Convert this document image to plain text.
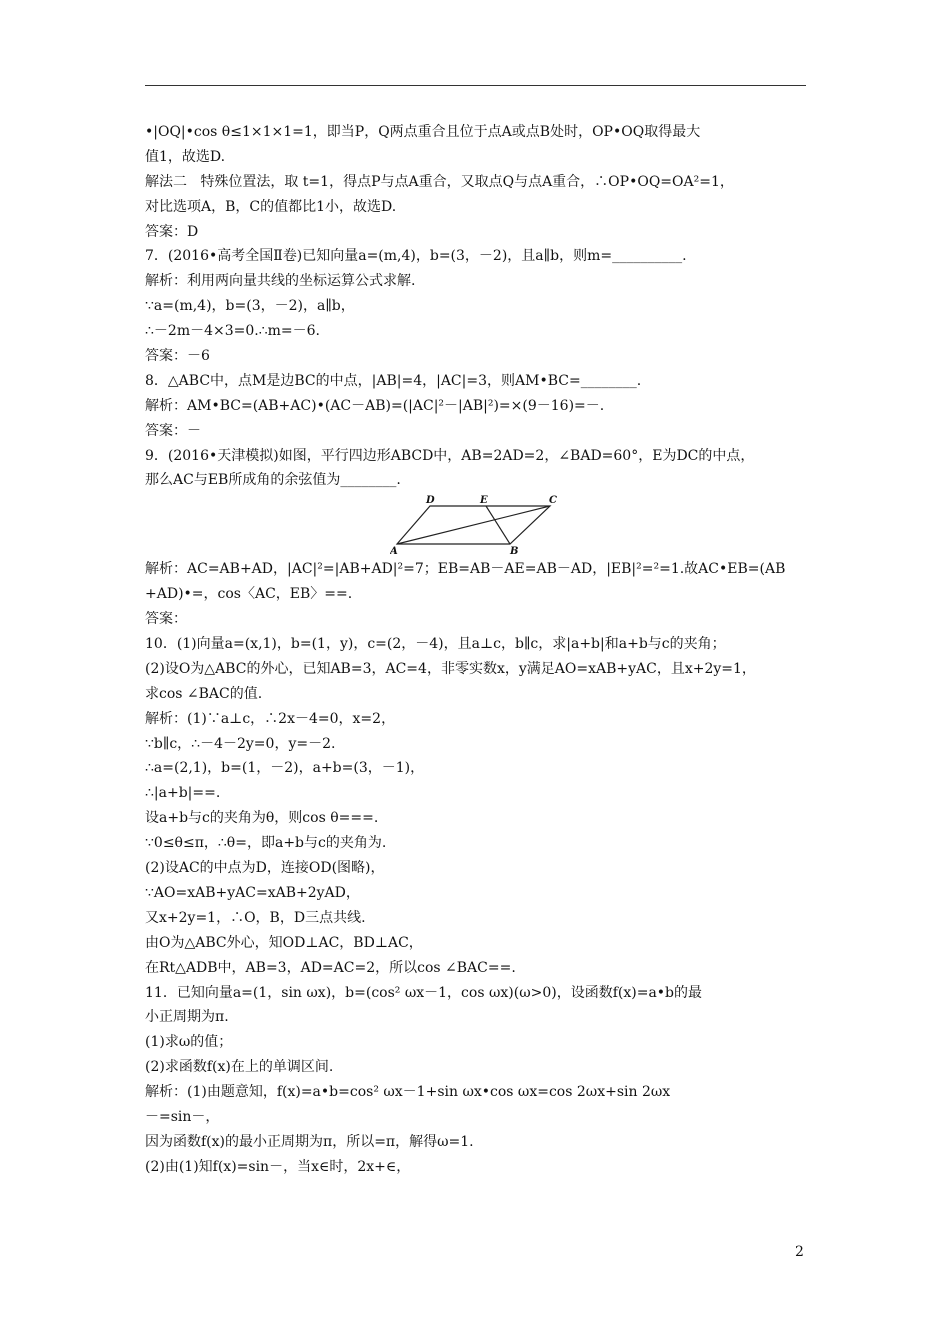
•|OQ|•cos θ≤1×1×1=1，即当P，Q两点重合且位于点A或点B处时，OP•OQ取得最大
值1，故选D.
解法二   特殊位置法，取 t=1，得点P与点A重合，又取点Q与点A重合，∴OP•OQ=OA²=1，
对比选项A，B，C的值都比1小，故选D.
答案：D
7．(2016•高考全国Ⅱ卷)已知向量a=(m,4)，b=(3，－2)，且a∥b，则m=__________.
解析：利用两向量共线的坐标运算公式求解.
∵a=(m,4)，b=(3，－2)，a∥b，
∴－2m－4×3=0.∴m=－6.
答案：－6
8．△ABC中，点M是边BC的中点，|AB|=4，|AC|=3，则AM•BC=________.
解析：AM•BC=(AB+AC)•(AC－AB)=(|AC|²－|AB|²)=×(9－16)=－.
答案：－
9．(2016•天津模拟)如图，平行四边形ABCD中，AB=2AD=2，∠BAD=60°，E为DC的中点，
那么AC与EB所成角的余弦值为________.
D	E	C
A	B
解析：AC=AB+AD，|AC|²=|AB+AD|²=7；EB=AB－AE=AB－AD，|EB|²=²=1.故AC•EB=(AB
+AD)•=，cos〈AC，EB〉==.
答案：
10．(1)向量a=(x,1)，b=(1，y)，c=(2，－4)，且a⊥c，b∥c，求|a+b|和a+b与c的夹角；
(2)设O为△ABC的外心，已知AB=3，AC=4，非零实数x，y满足AO=xAB+yAC，且x+2y=1，
求cos ∠BAC的值.
解析：(1)∵a⊥c，∴2x－4=0，x=2，
∵b∥c，∴－4－2y=0，y=－2.
∴a=(2,1)，b=(1，－2)，a+b=(3，－1)，
∴|a+b|==.
设a+b与c的夹角为θ，则cos θ===.
∵0≤θ≤π，∴θ=，即a+b与c的夹角为.
(2)设AC的中点为D，连接OD(图略)，
∵AO=xAB+yAC=xAB+2yAD，
又x+2y=1，∴O，B，D三点共线.
由O为△ABC外心，知OD⊥AC，BD⊥AC，
在Rt△ADB中，AB=3，AD=AC=2，所以cos ∠BAC==.
11．已知向量a=(1，sin ωx)，b=(cos² ωx－1，cos ωx)(ω>0)，设函数f(x)=a•b的最
小正周期为π.
(1)求ω的值；
(2)求函数f(x)在上的单调区间.
解析：(1)由题意知，f(x)=a•b=cos² ωx－1+sin ωx•cos ωx=cos 2ωx+sin 2ωx
－=sin－，
因为函数f(x)的最小正周期为π，所以=π，解得ω=1.
(2)由(1)知f(x)=sin－，当x∈时，2x+∈，
2
